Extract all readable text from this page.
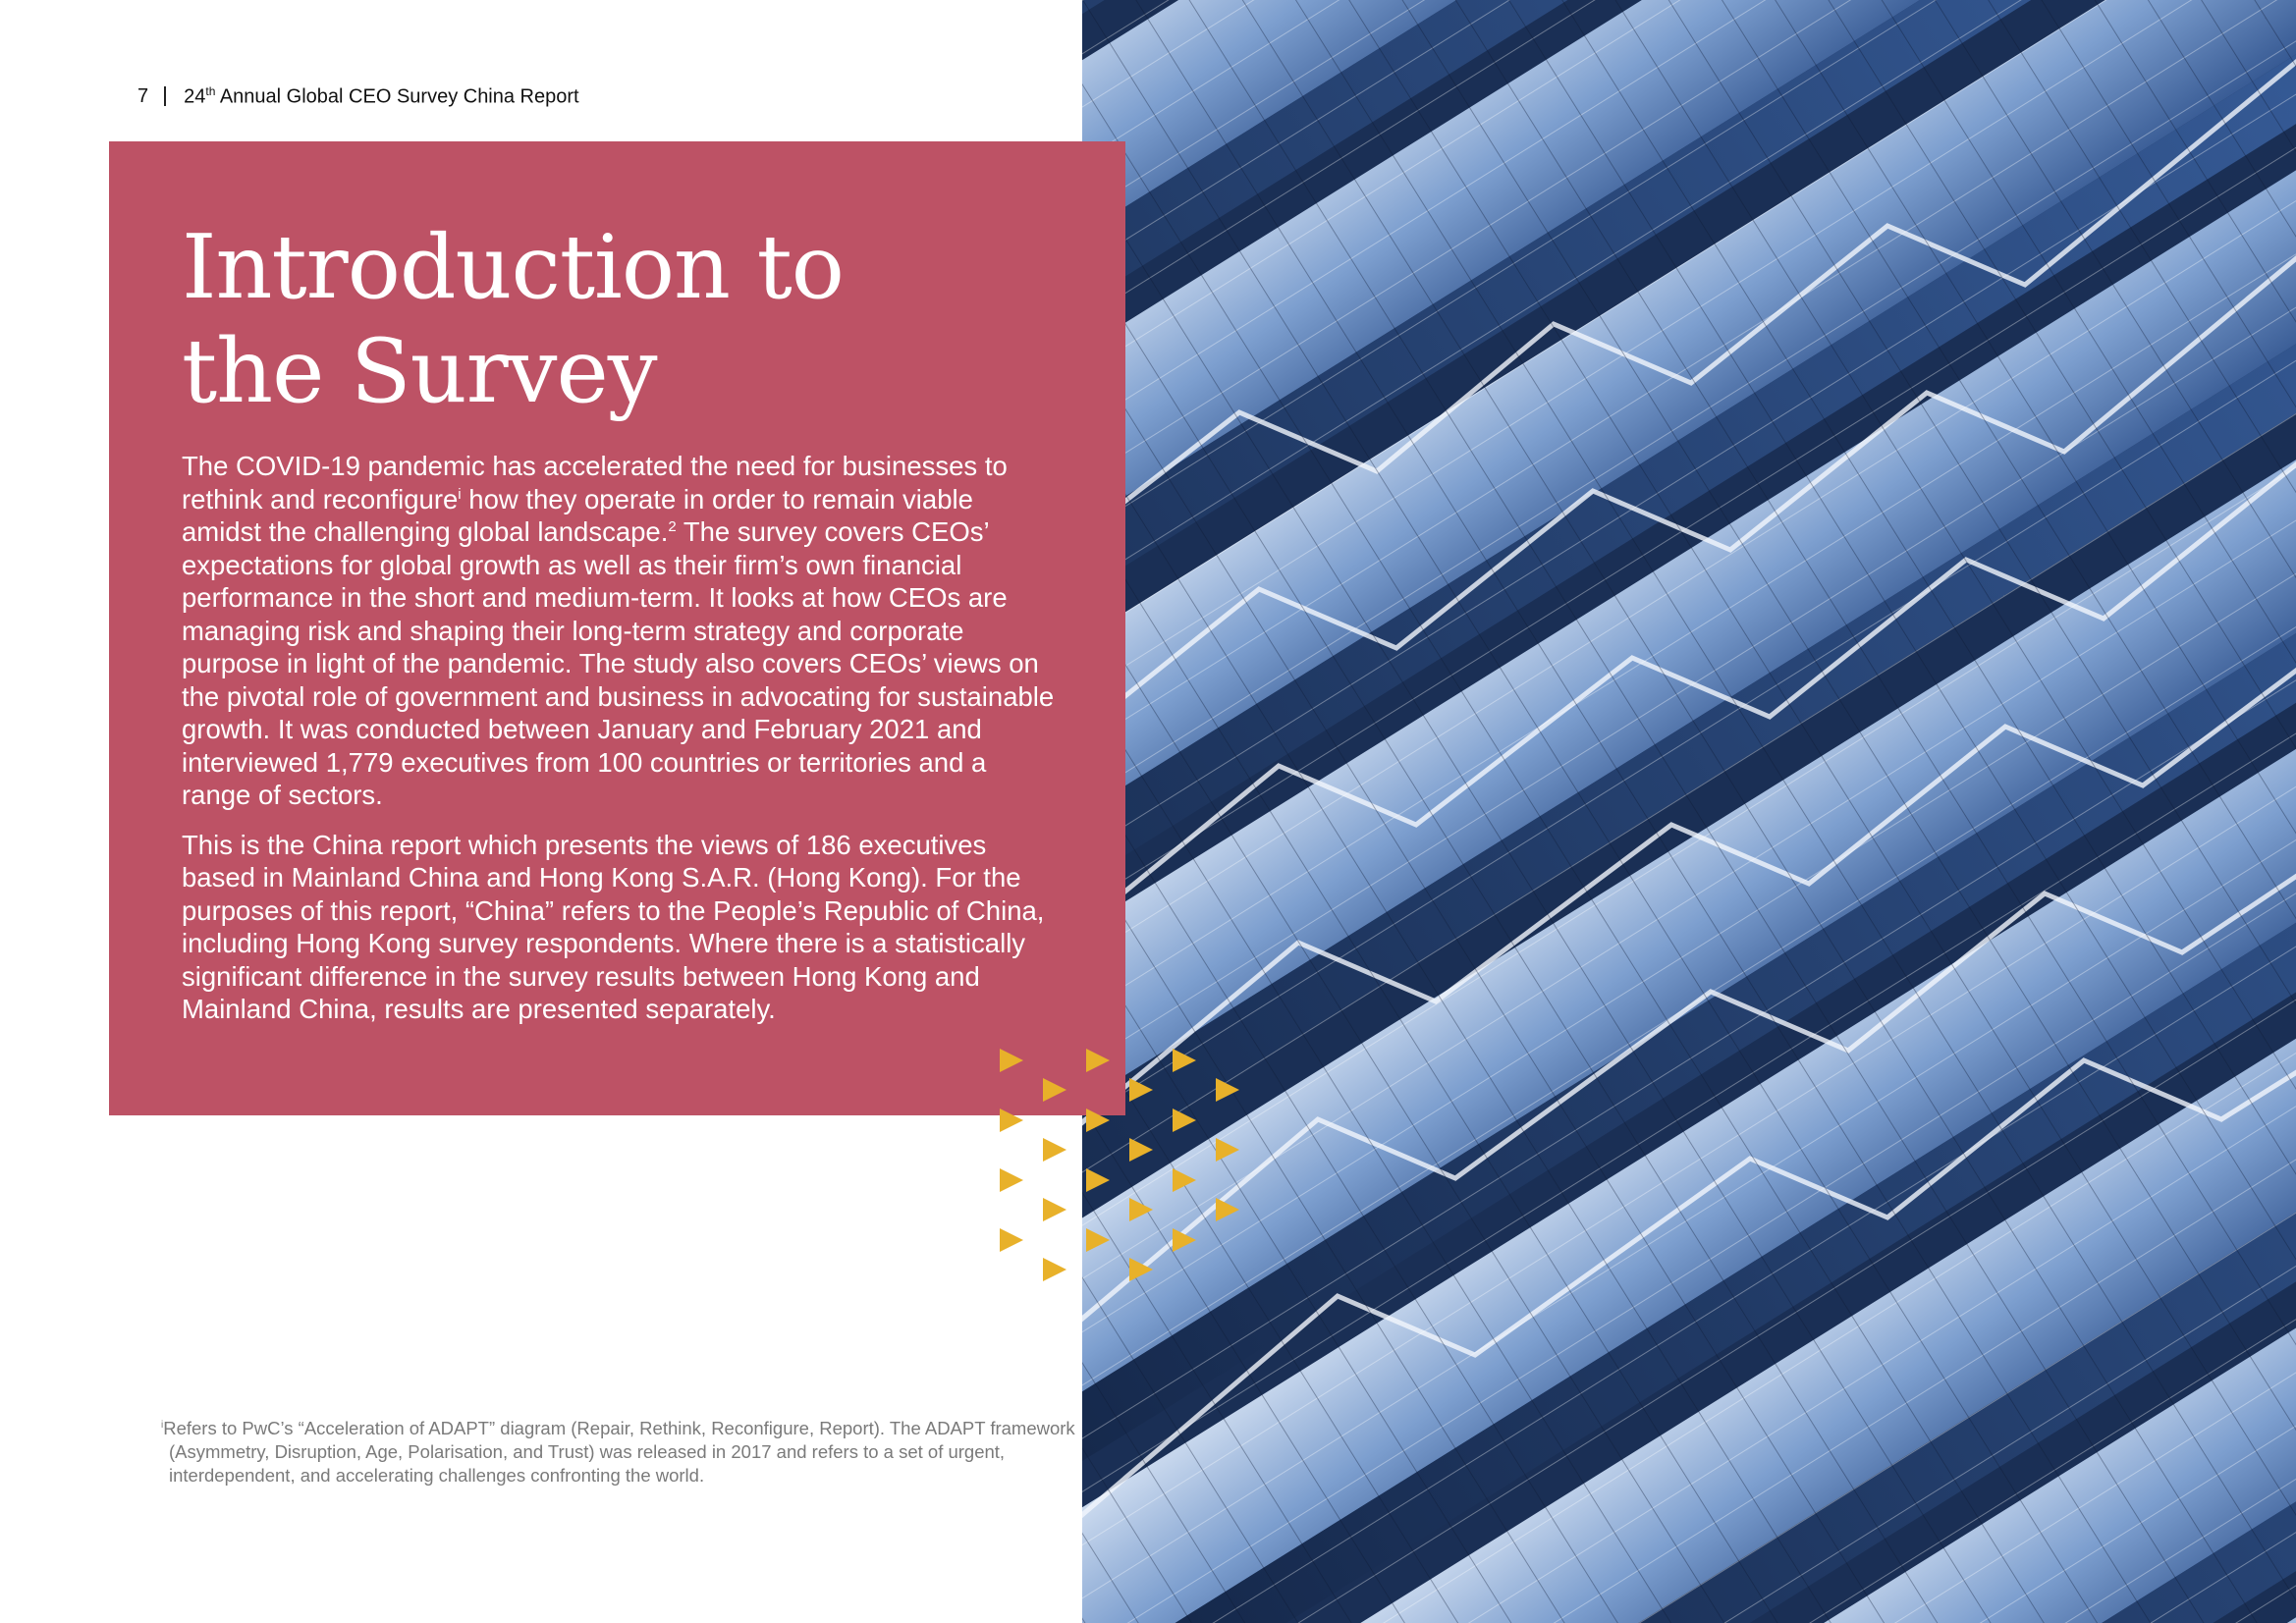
7 24th Annual Global CEO Survey China Report
Introduction to
the Survey

The COVID-19 pandemic has accelerated the need for businesses to rethink and reconfigure$^i$ how they operate in order to remain viable amidst the challenging global landscape.$^2$ The survey covers CEOs’ expectations for global growth as well as their firm’s own financial performance in the short and medium-term. It looks at how CEOs are managing risk and shaping their long-term strategy and corporate purpose in light of the pandemic. The study also covers CEOs’ views on the pivotal role of government and business in advocating for sustainable growth. It was conducted between January and February 2021 and interviewed 1,779 executives from 100 countries or territories and a range of sectors.

This is the China report which presents the views of 186 executives based in Mainland China and Hong Kong S.A.R. (Hong Kong). For the purposes of this report, “China” refers to the People’s Republic of China, including Hong Kong survey respondents. Where there is a statistically significant difference in the survey results between Hong Kong and Mainland China, results are presented separately.

$^i$Refers to PwC’s “Acceleration of ADAPT” diagram (Repair, Rethink, Reconfigure, Report). The ADAPT framework (Asymmetry, Disruption, Age, Polarisation, and Trust) was released in 2017 and refers to a set of urgent, interdependent, and accelerating challenges confronting the world.
